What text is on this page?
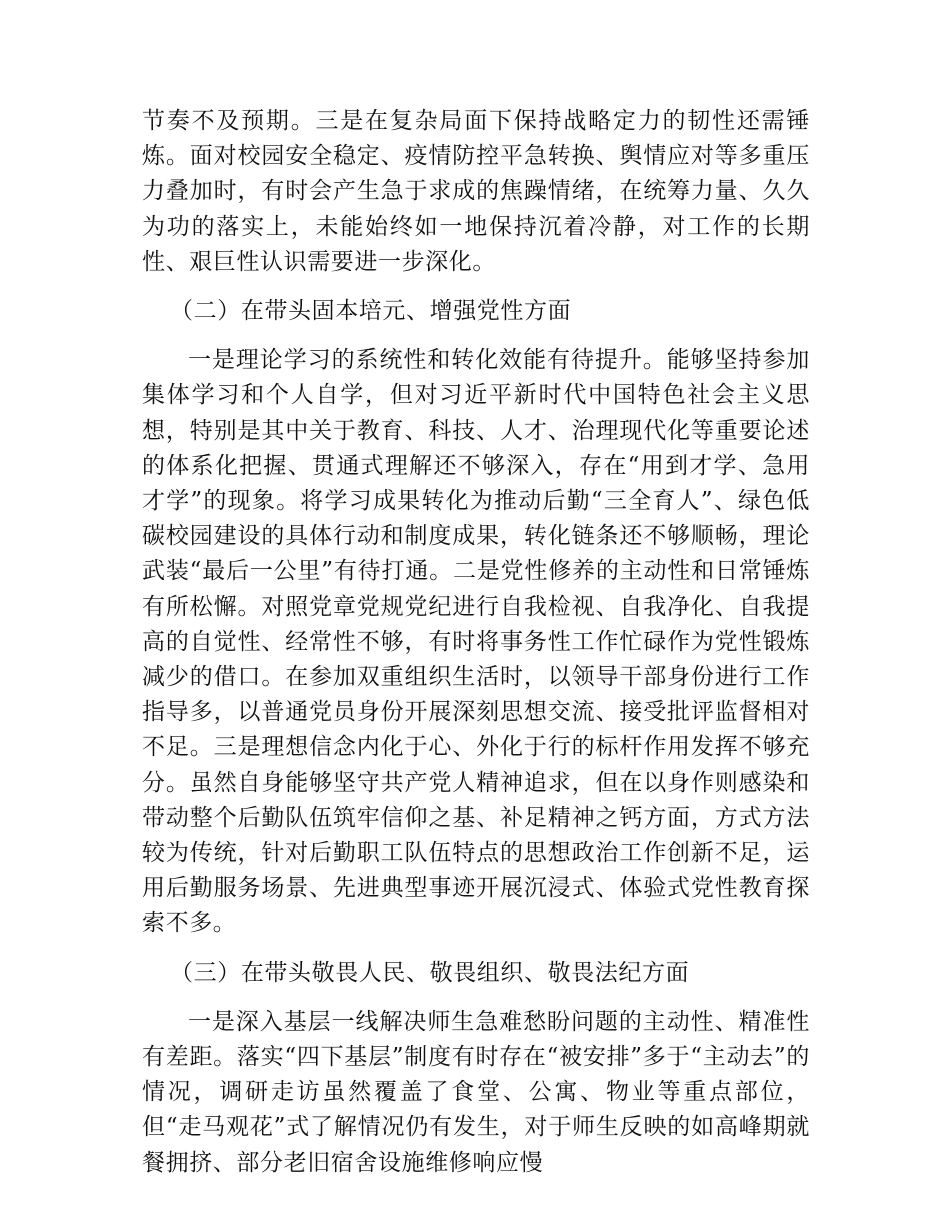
节奏不及预期。三是在复杂局面下保持战略定力的韧性还需锤炼。面对校园安全稳定、疫情防控平急转换、舆情应对等多重压力叠加时，有时会产生急于求成的焦躁情绪，在统筹力量、久久为功的落实上，未能始终如一地保持沉着冷静，对工作的长期性、艰巨性认识需要进一步深化。

（二）在带头固本培元、增强党性方面

一是理论学习的系统性和转化效能有待提升。能够坚持参加集体学习和个人自学，但对习近平新时代中国特色社会主义思想，特别是其中关于教育、科技、人才、治理现代化等重要论述的体系化把握、贯通式理解还不够深入，存在“用到才学、急用才学”的现象。将学习成果转化为推动后勤“三全育人”、绿色低碳校园建设的具体行动和制度成果，转化链条还不够顺畅，理论武装“最后一公里”有待打通。二是党性修养的主动性和日常锤炼有所松懈。对照党章党规党纪进行自我检视、自我净化、自我提高的自觉性、经常性不够，有时将事务性工作忙碌作为党性锻炼减少的借口。在参加双重组织生活时，以领导干部身份进行工作指导多，以普通党员身份开展深刻思想交流、接受批评监督相对不足。三是理想信念内化于心、外化于行的标杆作用发挥不够充分。虽然自身能够坚守共产党人精神追求，但在以身作则感染和带动整个后勤队伍筑牢信仰之基、补足精神之钙方面，方式方法较为传统，针对后勤职工队伍特点的思想政治工作创新不足，运用后勤服务场景、先进典型事迹开展沉浸式、体验式党性教育探索不多。

（三）在带头敬畏人民、敬畏组织、敬畏法纪方面

一是深入基层一线解决师生急难愁盼问题的主动性、精准性有差距。落实“四下基层”制度有时存在“被安排”多于“主动去”的情况，调研走访虽然覆盖了食堂、公寓、物业等重点部位，但“走马观花”式了解情况仍有发生，对于师生反映的如高峰期就餐拥挤、部分老旧宿舍设施维修响应慢
